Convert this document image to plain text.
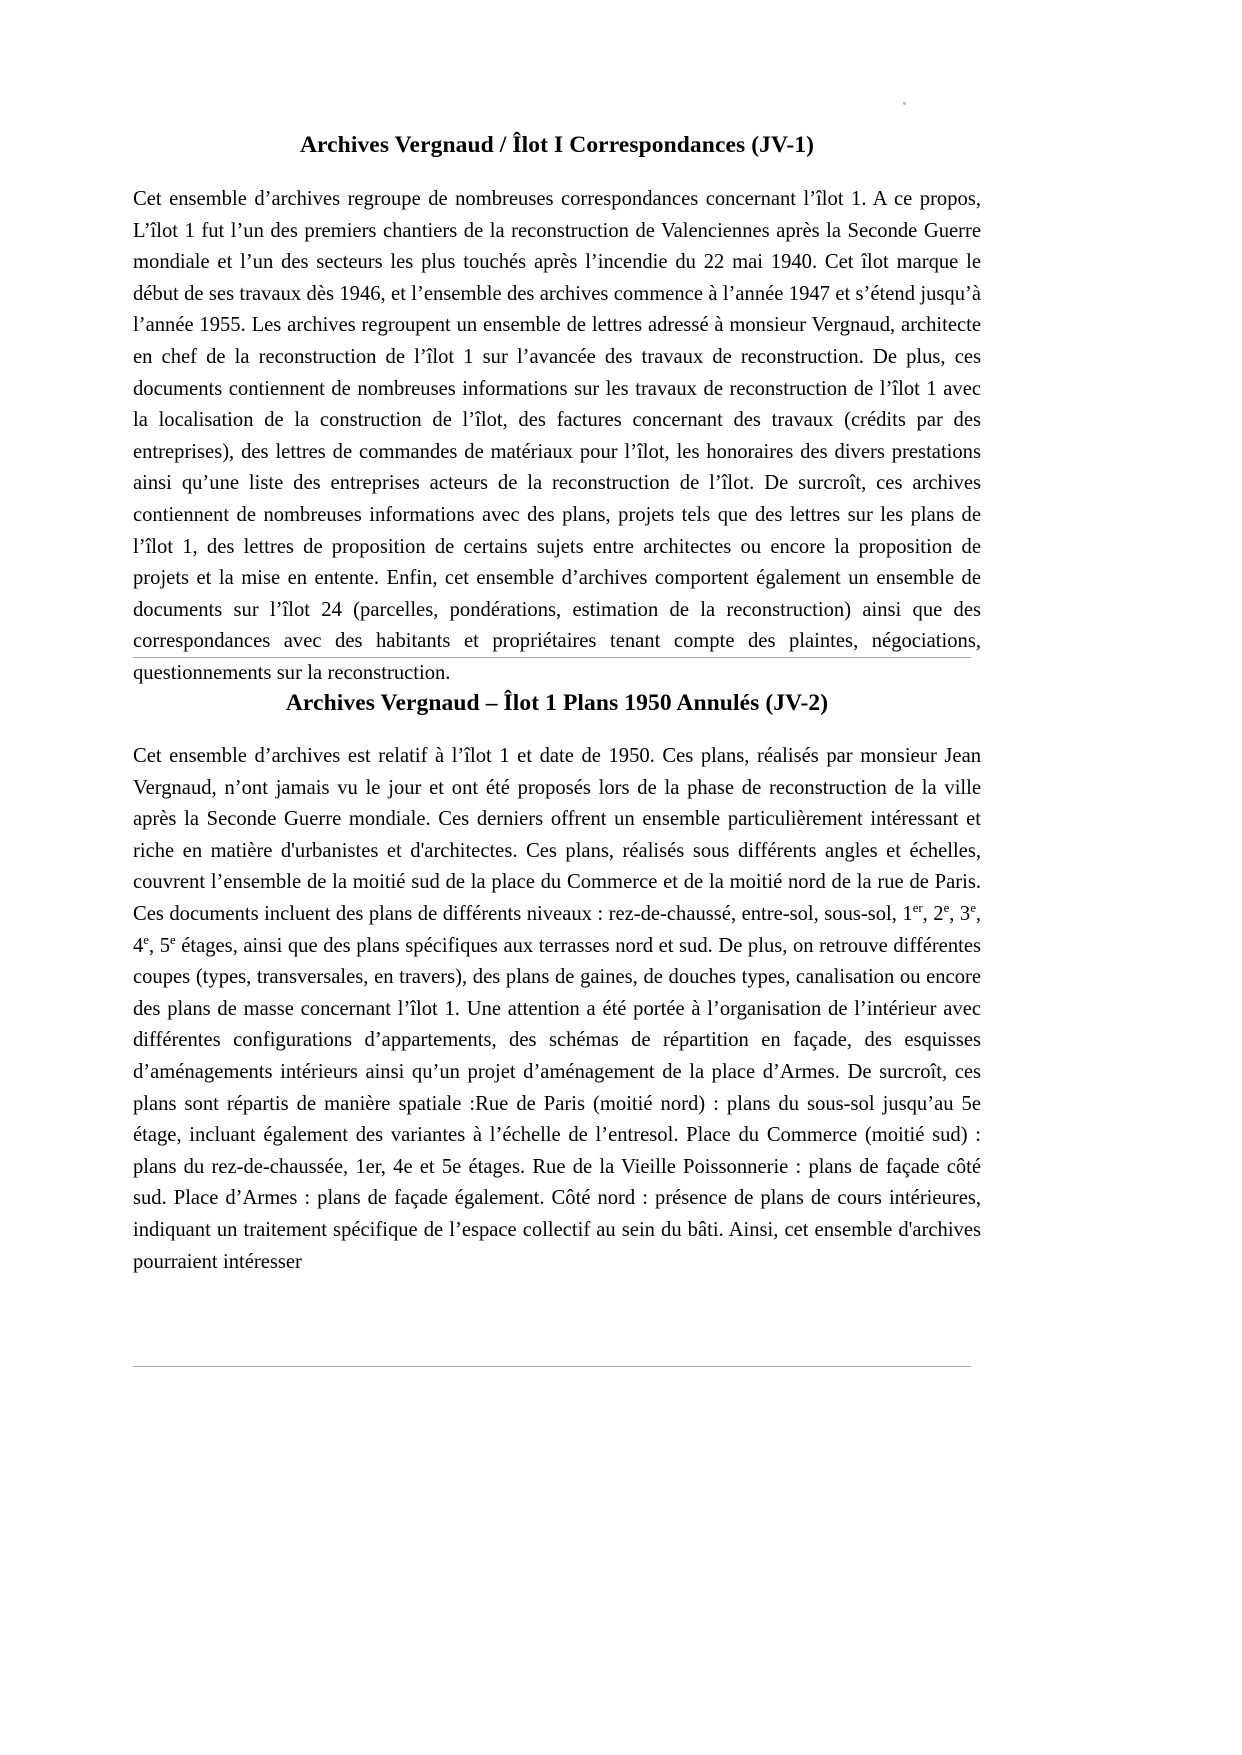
Archives Vergnaud / Îlot I Correspondances (JV-1)

Cet ensemble d’archives regroupe de nombreuses correspondances concernant l’îlot 1. A ce propos, L’îlot 1 fut l’un des premiers chantiers de la reconstruction de Valenciennes après la Seconde Guerre mondiale et l’un des secteurs les plus touchés après l’incendie du 22 mai 1940. Cet îlot marque le début de ses travaux dès 1946, et l’ensemble des archives commence à l’année 1947 et s’étend jusqu’à l’année 1955. Les archives regroupent un ensemble de lettres adressé à monsieur Vergnaud, architecte en chef de la reconstruction de l’îlot 1 sur l’avancée des travaux de reconstruction. De plus, ces documents contiennent de nombreuses informations sur les travaux de reconstruction de l’îlot 1 avec la localisation de la construction de l’îlot, des factures concernant des travaux (crédits par des entreprises), des lettres de commandes de matériaux pour l’îlot, les honoraires des divers prestations ainsi qu’une liste des entreprises acteurs de la reconstruction de l’îlot. De surcroît, ces archives contiennent de nombreuses informations avec des plans, projets tels que des lettres sur les plans de l’îlot 1, des lettres de proposition de certains sujets entre architectes ou encore la proposition de projets et la mise en entente. Enfin, cet ensemble d’archives comportent également un ensemble de documents sur l’îlot 24 (parcelles, pondérations, estimation de la reconstruction) ainsi que des correspondances avec des habitants et propriétaires tenant compte des plaintes, négociations, questionnements sur la reconstruction.

Archives Vergnaud – Îlot 1 Plans 1950 Annulés (JV-2)

Cet ensemble d’archives est relatif à l’îlot 1 et date de 1950. Ces plans, réalisés par monsieur Jean Vergnaud, n’ont jamais vu le jour et ont été proposés lors de la phase de reconstruction de la ville après la Seconde Guerre mondiale. Ces derniers offrent un ensemble particulièrement intéressant et riche en matière d'urbanistes et d'architectes. Ces plans, réalisés sous différents angles et échelles, couvrent l’ensemble de la moitié sud de la place du Commerce et de la moitié nord de la rue de Paris. Ces documents incluent des plans de différents niveaux : rez-de-chaussé, entre-sol, sous-sol, 1er, 2e, 3e, 4e, 5e étages, ainsi que des plans spécifiques aux terrasses nord et sud. De plus, on retrouve différentes coupes (types, transversales, en travers), des plans de gaines, de douches types, canalisation ou encore des plans de masse concernant l’îlot 1. Une attention a été portée à l’organisation de l’intérieur avec différentes configurations d’appartements, des schémas de répartition en façade, des esquisses d’aménagements intérieurs ainsi qu’un projet d’aménagement de la place d’Armes. De surcroît, ces plans sont répartis de manière spatiale :Rue de Paris (moitié nord) : plans du sous-sol jusqu’au 5e étage, incluant également des variantes à l’échelle de l’entresol. Place du Commerce (moitié sud) : plans du rez-de-chaussée, 1er, 4e et 5e étages. Rue de la Vieille Poissonnerie : plans de façade côté sud. Place d’Armes : plans de façade également. Côté nord : présence de plans de cours intérieures, indiquant un traitement spécifique de l’espace collectif au sein du bâti. Ainsi, cet ensemble d'archives pourraient intéresser
